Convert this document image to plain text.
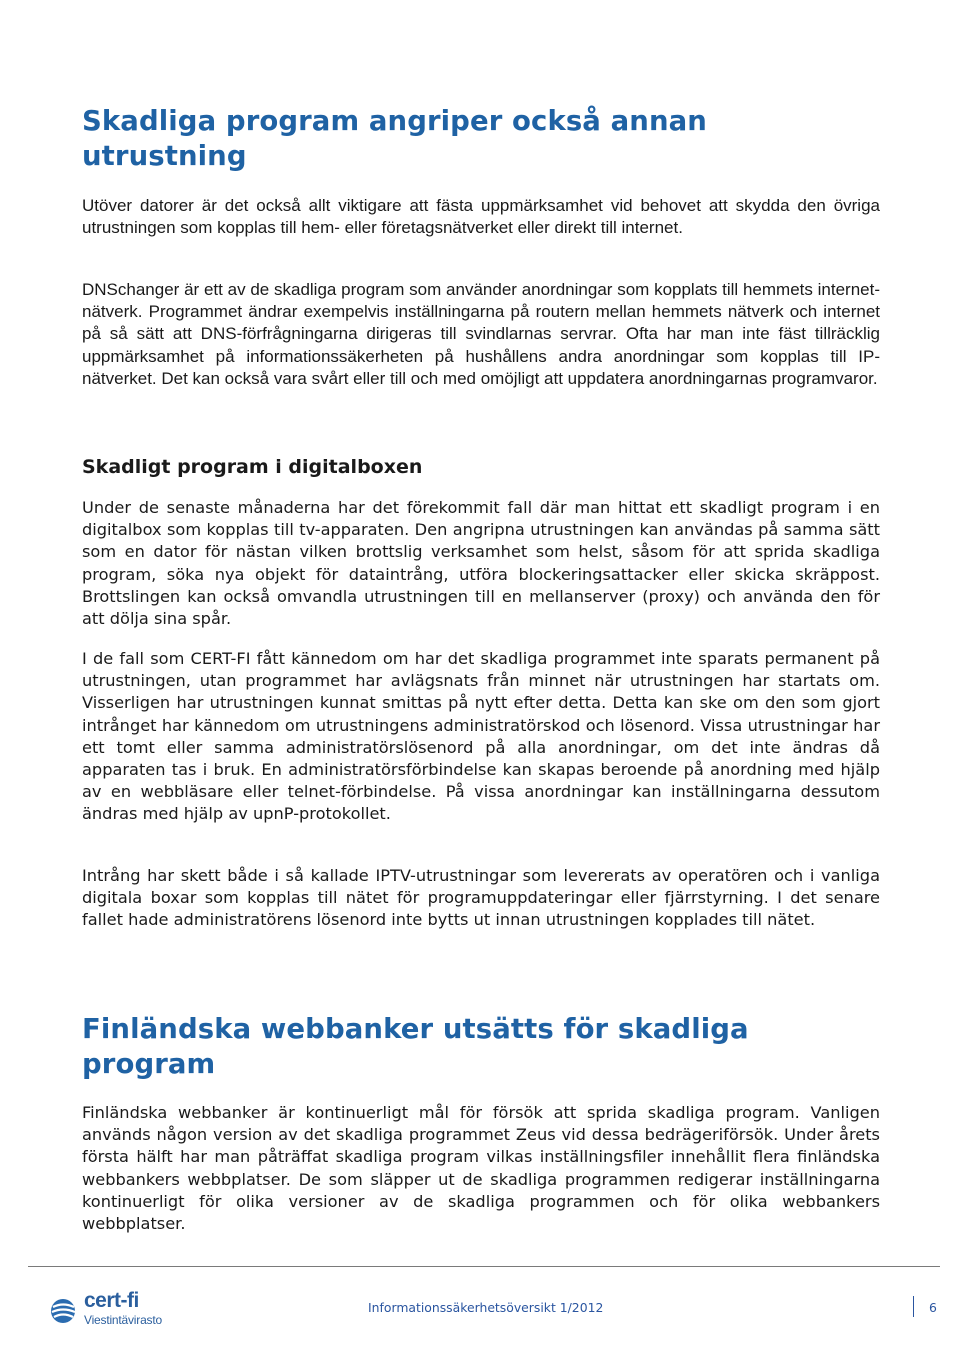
Skadliga program angriper också annan utrustning

Utöver datorer är det också allt viktigare att fästa uppmärksamhet vid behovet att skydda den övriga utrustningen som kopplas till hem- eller företagsnätverket eller direkt till internet.

DNSchanger är ett av de skadliga program som använder anordningar som kopplats till hemmets internet-nätverk. Programmet ändrar exempelvis inställningarna på routern mellan hemmets nätverk och internet på så sätt att DNS-förfrågningarna dirigeras till svindlarnas servrar. Ofta har man inte fäst tillräcklig uppmärksamhet på informationssäkerheten på hushållens andra anordningar som kopplas till IP-nätverket. Det kan också vara svårt eller till och med omöjligt att uppdatera anordningarnas programvaror.

Skadligt program i digitalboxen

Under de senaste månaderna har det förekommit fall där man hittat ett skadligt program i en digitalbox som kopplas till tv-apparaten. Den angripna utrustningen kan användas på samma sätt som en dator för nästan vilken brottslig verksamhet som helst, såsom för att sprida skadliga program, söka nya objekt för dataintrång, utföra blockeringsattacker eller skicka skräppost. Brottslingen kan också omvandla utrustningen till en mellanserver (proxy) och använda den för att dölja sina spår.

I de fall som CERT-FI fått kännedom om har det skadliga programmet inte sparats permanent på utrustningen, utan programmet har avlägsnats från minnet när utrustningen har startats om. Visserligen har utrustningen kunnat smittas på nytt efter detta. Detta kan ske om den som gjort intrånget har kännedom om utrustningens administratörskod och lösenord. Vissa utrustningar har ett tomt eller samma administratörslösenord på alla anordningar, om det inte ändras då apparaten tas i bruk. En administratörsförbindelse kan skapas beroende på anordning med hjälp av en webbläsare eller telnet-förbindelse. På vissa anordningar kan inställningarna dessutom ändras med hjälp av upnP-protokollet.

Intrång har skett både i så kallade IPTV-utrustningar som levererats av operatören och i vanliga digitala boxar som kopplas till nätet för programuppdateringar eller fjärrstyrning. I det senare fallet hade administratörens lösenord inte bytts ut innan utrustningen kopplades till nätet.

Finländska webbanker utsätts för skadliga program

Finländska webbanker är kontinuerligt mål för försök att sprida skadliga program. Vanligen används någon version av det skadliga programmet Zeus vid dessa bedrägeriförsök. Under årets första hälft har man påträffat skadliga program vilkas inställningsfiler innehållit flera finländska webbankers webbplatser. De som släpper ut de skadliga programmen redigerar inställningarna kontinuerligt för olika versioner av de skadliga programmen och för olika webbankers webbplatser.

cert-fi
Viestintävirasto
Informationssäkerhetsöversikt 1/2012	6
